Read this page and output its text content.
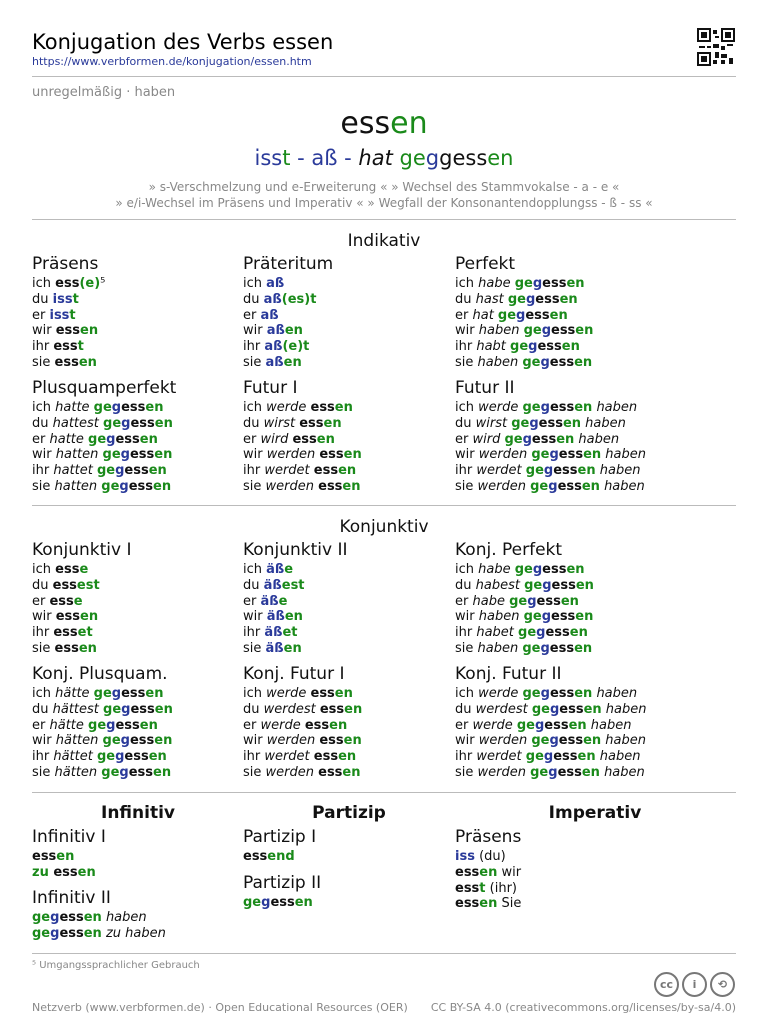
Konjugation des Verbs essen
https://www.verbformen.de/konjugation/essen.htm
unregelmäßig · haben
essen
isst - aß - hat geggessen
» s-Verschmelzung und e-Erweiterung « » Wechsel des Stammvokalse - a - e «
» e/i-Wechsel im Präsens und Imperativ « » Wegfall der Konsonantendopplungss - ß - ss «
Indikativ
Konjunktiv
Infinitiv	Partizip	Imperativ
Präsens
ich ess(e)⁵
du isst
er isst
wir essen
ihr esst
sie essen
Präteritum
ich aß
du aß(es)t
er aß
wir aßen
ihr aß(e)t
sie aßen
Perfekt
ich habe gegessen
du hast gegessen
er hat gegessen
wir haben gegessen
ihr habt gegessen
sie haben gegessen
Plusquamperfekt
ich hatte gegessen
du hattest gegessen
er hatte gegessen
wir hatten gegessen
ihr hattet gegessen
sie hatten gegessen
Futur I
ich werde essen
du wirst essen
er wird essen
wir werden essen
ihr werdet essen
sie werden essen
Futur II
ich werde gegessen haben
du wirst gegessen haben
er wird gegessen haben
wir werden gegessen haben
ihr werdet gegessen haben
sie werden gegessen haben
Konjunktiv I
ich esse
du essest
er esse
wir essen
ihr esset
sie essen
Konjunktiv II
ich äße
du äßest
er äße
wir äßen
ihr äßet
sie äßen
Konj. Perfekt
ich habe gegessen
du habest gegessen
er habe gegessen
wir haben gegessen
ihr habet gegessen
sie haben gegessen
Konj. Plusquam.
ich hätte gegessen
du hättest gegessen
er hätte gegessen
wir hätten gegessen
ihr hättet gegessen
sie hätten gegessen
Konj. Futur I
ich werde essen
du werdest essen
er werde essen
wir werden essen
ihr werdet essen
sie werden essen
Konj. Futur II
ich werde gegessen haben
du werdest gegessen haben
er werde gegessen haben
wir werden gegessen haben
ihr werdet gegessen haben
sie werden gegessen haben
Infinitiv I
essen
zu essen
Infinitiv II
gegessen haben
gegessen zu haben
Partizip I
essend
Partizip II
gegessen
Präsens
iss (du)
essen wir
esst (ihr)
essen Sie
⁵ Umgangssprachlicher Gebrauch
cc	i	⟲
Netzverb (www.verbformen.de) · Open Educational Resources (OER) CC BY-SA 4.0 (creativecommons.org/licenses/by-sa/4.0)
